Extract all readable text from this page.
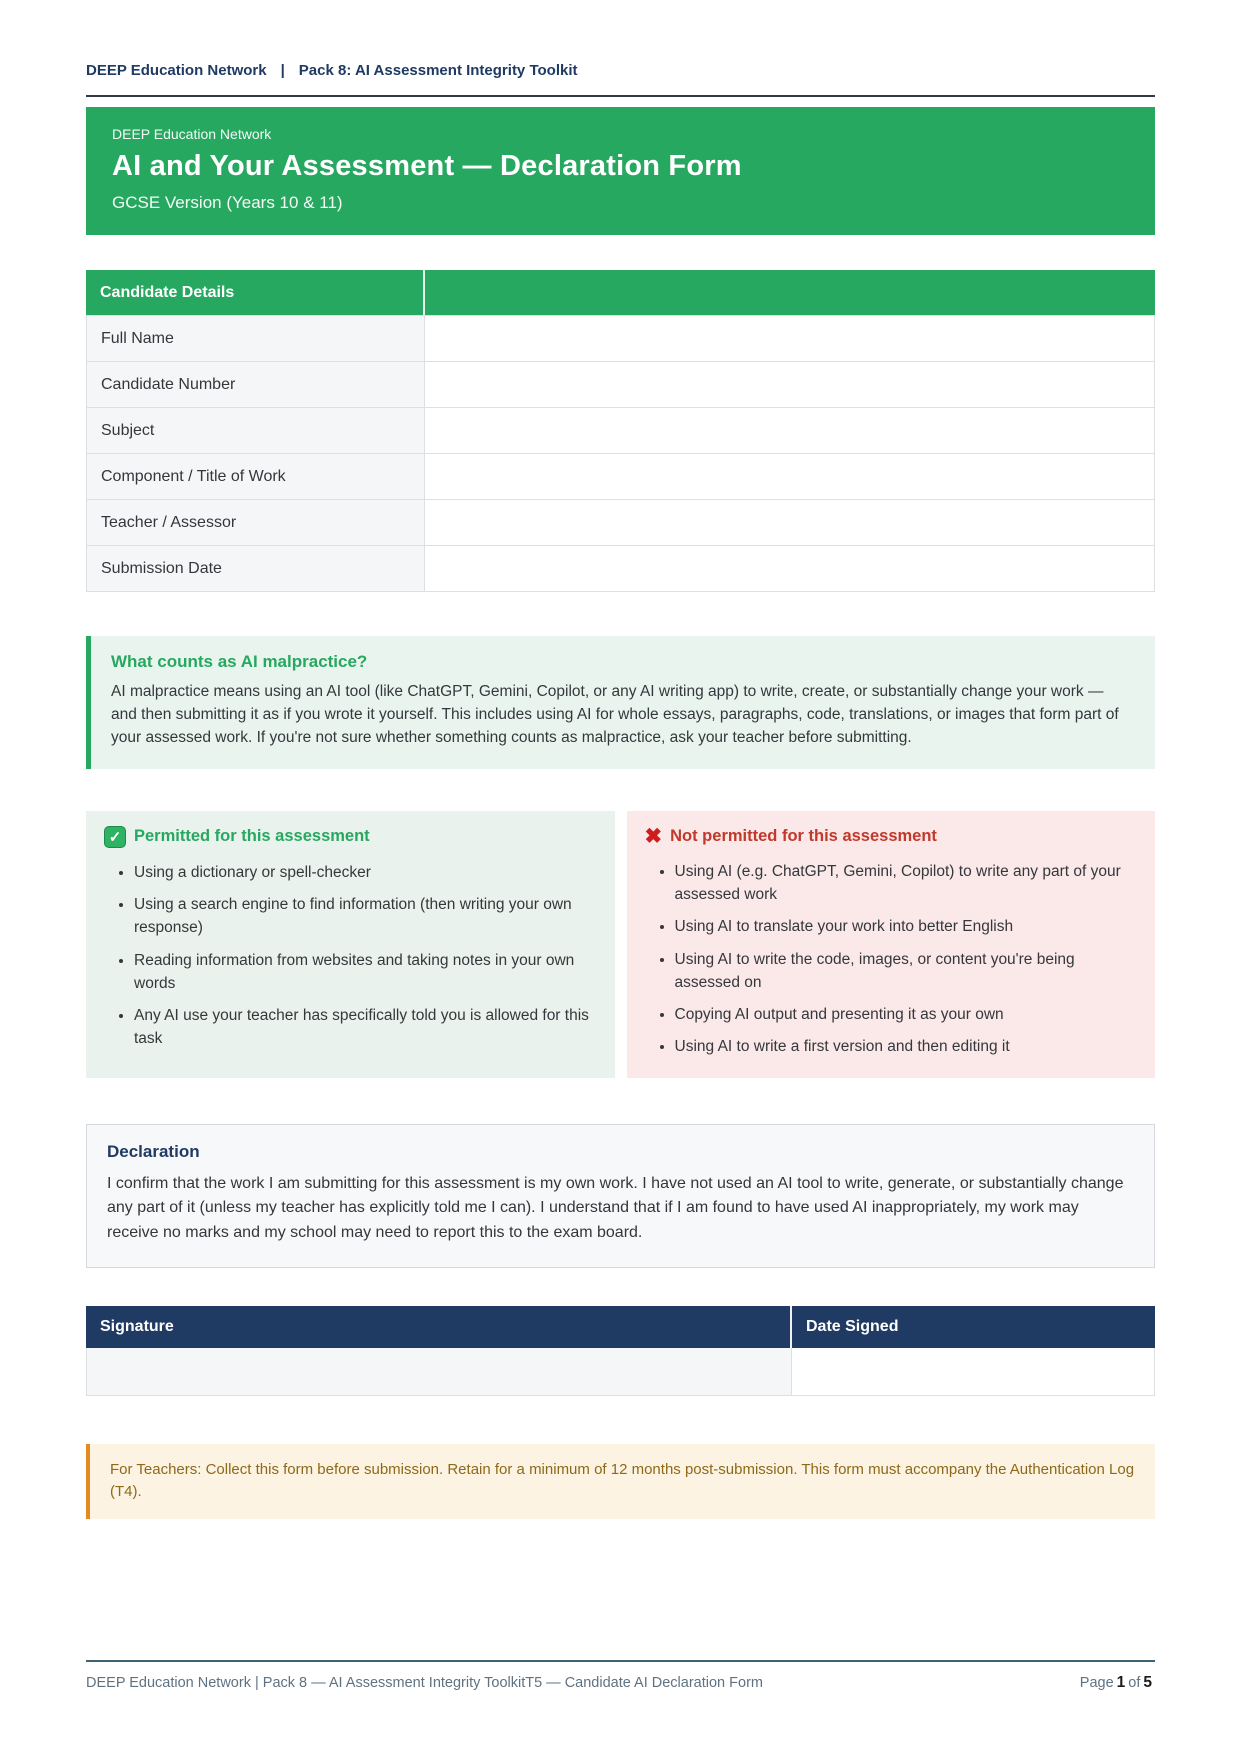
DEEP Education Network | Pack 8: AI Assessment Integrity Toolkit
DEEP Education Network
AI and Your Assessment — Declaration Form
GCSE Version (Years 10 & 11)
Candidate Details
Full Name
Candidate Number
Subject
Component / Title of Work
Teacher / Assessor
Submission Date
What counts as AI malpractice?

AI malpractice means using an AI tool (like ChatGPT, Gemini, Copilot, or any AI writing app) to write, create, or substantially change your work — and then submitting it as if you wrote it yourself. This includes using AI for whole essays, paragraphs, code, translations, or images that form part of your assessed work. If you're not sure whether something counts as malpractice, ask your teacher before submitting.

✓ Permitted for this assessment
• Using a dictionary or spell-checker
• Using a search engine to find information (then writing your own response)
• Reading information from websites and taking notes in your own words
• Any AI use your teacher has specifically told you is allowed for this task
✖ Not permitted for this assessment
• Using AI (e.g. ChatGPT, Gemini, Copilot) to write any part of your assessed work
• Using AI to translate your work into better English
• Using AI to write the code, images, or content you're being assessed on
• Copying AI output and presenting it as your own
• Using AI to write a first version and then editing it
Declaration

I confirm that the work I am submitting for this assessment is my own work. I have not used an AI tool to write, generate, or substantially change any part of it (unless my teacher has explicitly told me I can). I understand that if I am found to have used AI inappropriately, my work may receive no marks and my school may need to report this to the exam board.

Signature	Date Signed
For Teachers: Collect this form before submission. Retain for a minimum of 12 months post-submission. This form must accompany the Authentication Log (T4).
DEEP Education Network | Pack 8 — AI Assessment Integrity ToolkitT5 — Candidate AI Declaration Form	Page 1 of 5
